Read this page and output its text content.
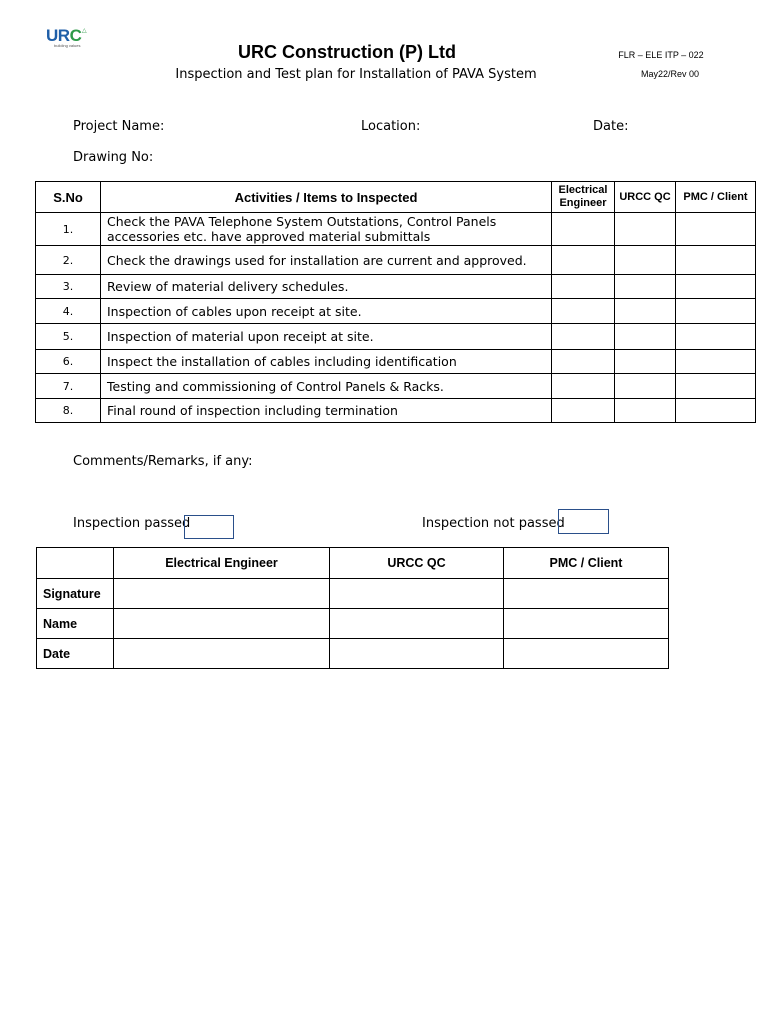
URC △
building values	URC Construction (P) Ltd
Inspection and Test plan for Installation of PAVA System
FLR – ELE ITP – 022
May22/Rev 00
Project Name:	Location:	Date:
Drawing No:
S.No	Activities / Items to Inspected	Electrical Engineer	URCC QC	PMC / Client
1.	Check the PAVA Telephone System Outstations, Control Panels accessories etc. have approved material submittals			
2.	Check the drawings used for installation are current and approved.			
3.	Review of material delivery schedules.			
4.	Inspection of cables upon receipt at site.			
5.	Inspection of material upon receipt at site.			
6.	Inspect the installation of cables including identification			
7.	Testing and commissioning of Control Panels & Racks.			
8.	Final round of inspection including termination			
Comments/Remarks, if any:
Inspection passed	Inspection not passed
	Electrical Engineer	URCC QC	PMC / Client
Signature			
Name			
Date			
